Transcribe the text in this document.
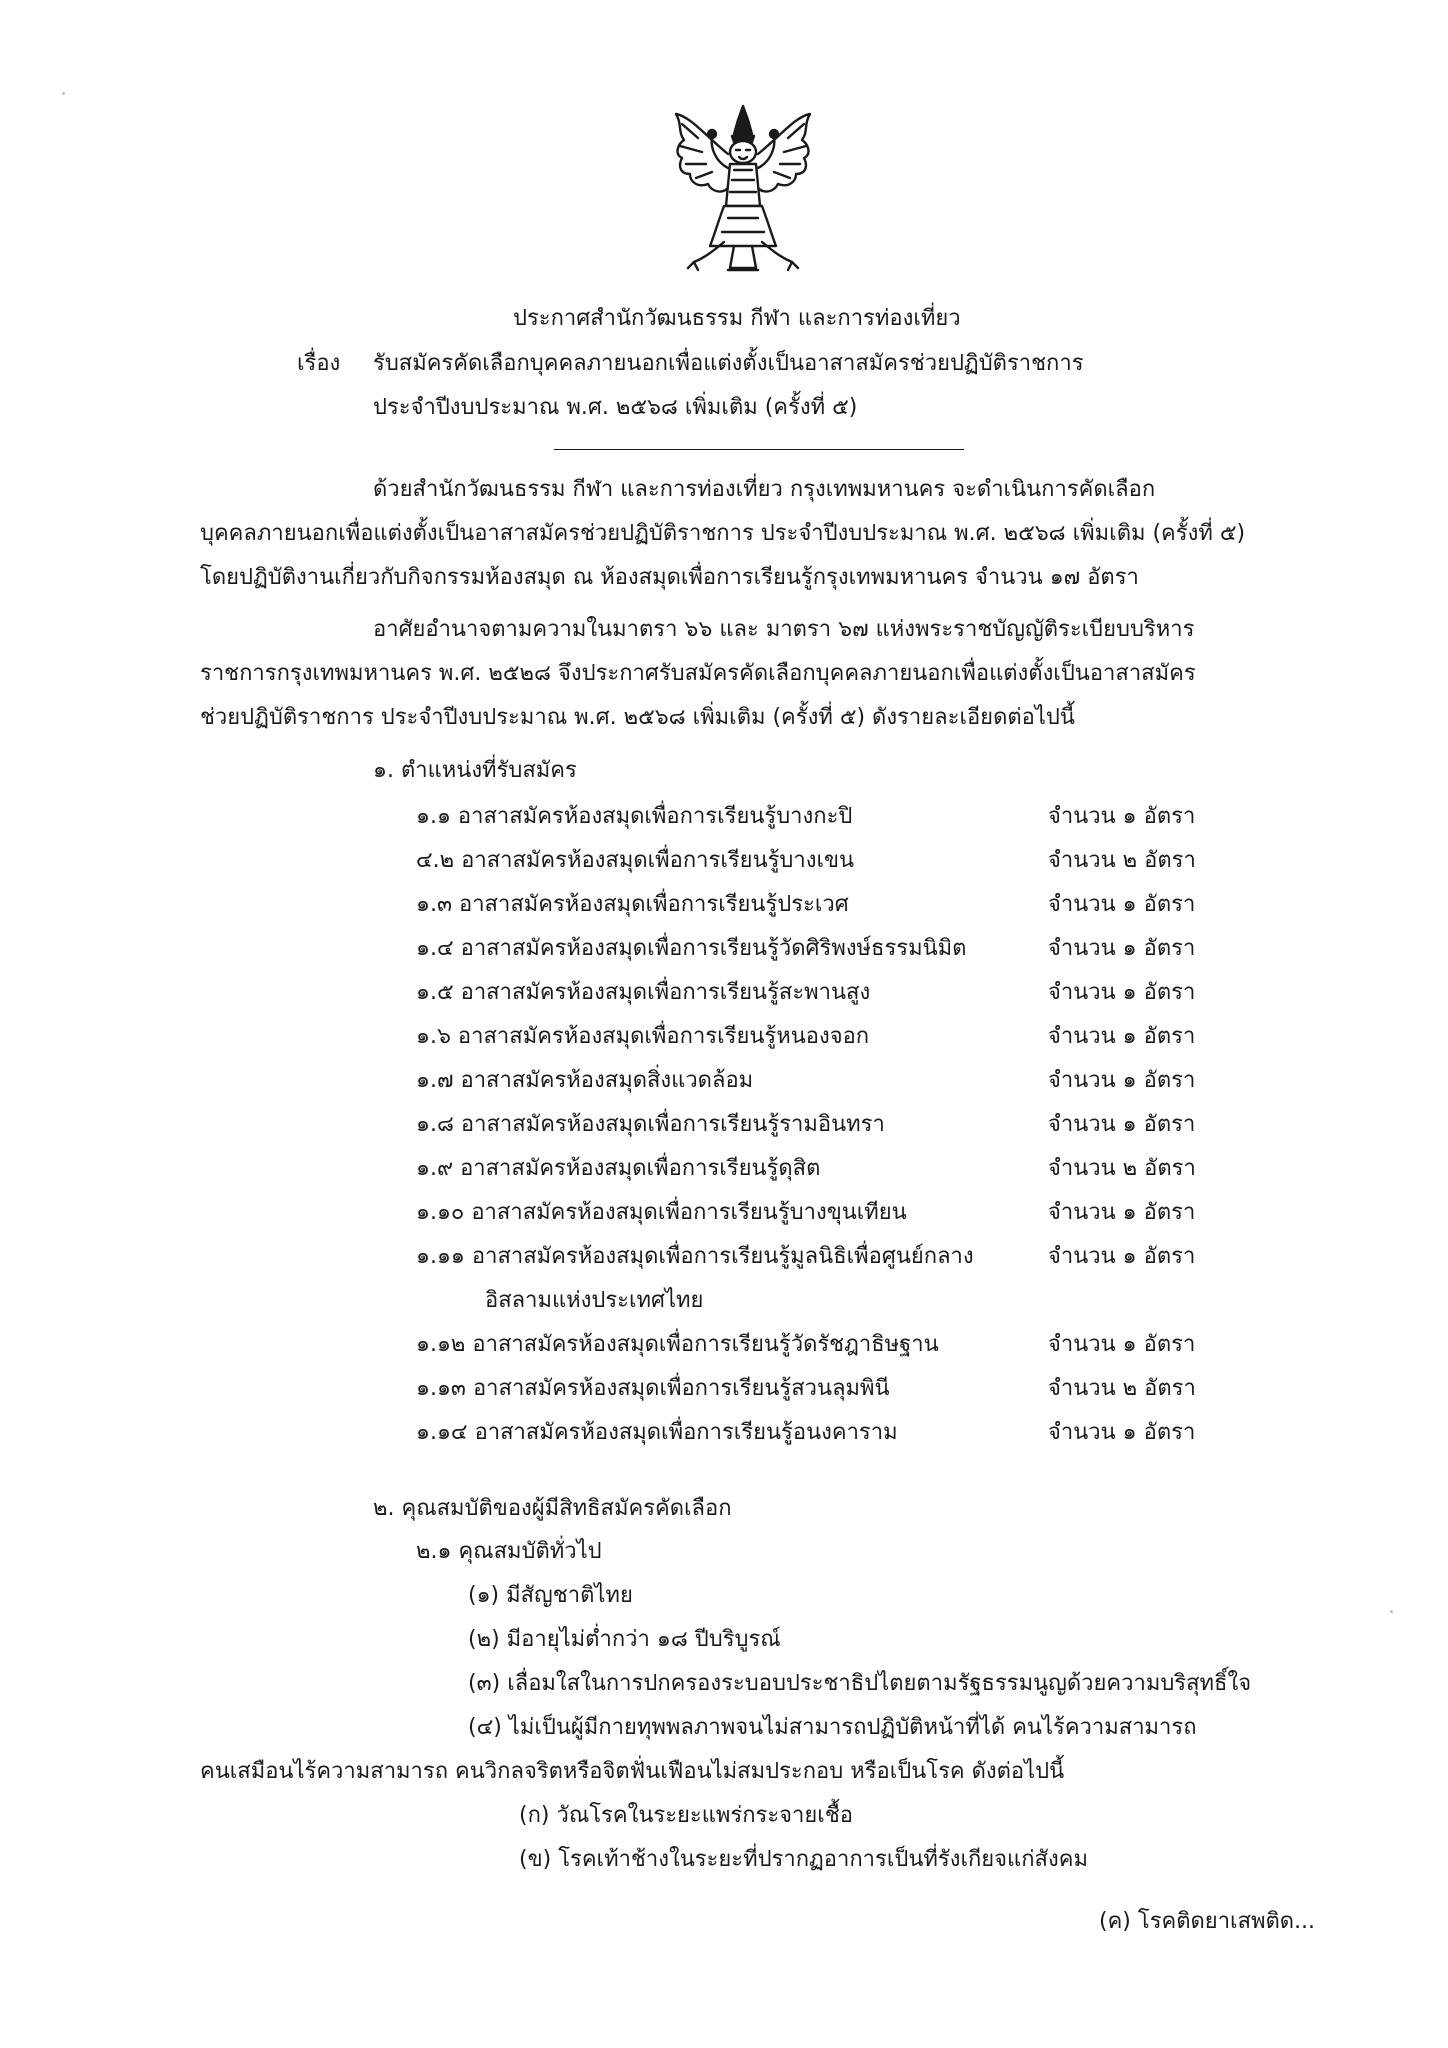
ประกาศสำนักวัฒนธรรม กีฬา และการท่องเที่ยว
เรื่อง รับสมัครคัดเลือกบุคคลภายนอกเพื่อแต่งตั้งเป็นอาสาสมัครช่วยปฏิบัติราชการ
ประจำปีงบประมาณ พ.ศ. ๒๕๖๘ เพิ่มเติม (ครั้งที่ ๕)
ด้วยสำนักวัฒนธรรม กีฬา และการท่องเที่ยว กรุงเทพมหานคร จะดำเนินการคัดเลือก
บุคคลภายนอกเพื่อแต่งตั้งเป็นอาสาสมัครช่วยปฏิบัติราชการ ประจำปีงบประมาณ พ.ศ. ๒๕๖๘ เพิ่มเติม (ครั้งที่ ๕)
โดยปฏิบัติงานเกี่ยวกับกิจกรรมห้องสมุด ณ ห้องสมุดเพื่อการเรียนรู้กรุงเทพมหานคร จำนวน ๑๗ อัตรา
อาศัยอำนาจตามความในมาตรา ๖๖ และ มาตรา ๖๗ แห่งพระราชบัญญัติระเบียบบริหาร
ราชการกรุงเทพมหานคร พ.ศ. ๒๕๒๘ จึงประกาศรับสมัครคัดเลือกบุคคลภายนอกเพื่อแต่งตั้งเป็นอาสาสมัคร
ช่วยปฏิบัติราชการ ประจำปีงบประมาณ พ.ศ. ๒๕๖๘ เพิ่มเติม (ครั้งที่ ๕) ดังรายละเอียดต่อไปนี้
๑. ตำแหน่งที่รับสมัคร
๑.๑ อาสาสมัครห้องสมุดเพื่อการเรียนรู้บางกะปิ	จำนวน ๑ อัตรา
๔.๒ อาสาสมัครห้องสมุดเพื่อการเรียนรู้บางเขน	จำนวน ๒ อัตรา
๑.๓ อาสาสมัครห้องสมุดเพื่อการเรียนรู้ประเวศ	จำนวน ๑ อัตรา
๑.๔ อาสาสมัครห้องสมุดเพื่อการเรียนรู้วัดศิริพงษ์ธรรมนิมิต	จำนวน ๑ อัตรา
๑.๕ อาสาสมัครห้องสมุดเพื่อการเรียนรู้สะพานสูง	จำนวน ๑ อัตรา
๑.๖ อาสาสมัครห้องสมุดเพื่อการเรียนรู้หนองจอก	จำนวน ๑ อัตรา
๑.๗ อาสาสมัครห้องสมุดสิ่งแวดล้อม	จำนวน ๑ อัตรา
๑.๘ อาสาสมัครห้องสมุดเพื่อการเรียนรู้รามอินทรา	จำนวน ๑ อัตรา
๑.๙ อาสาสมัครห้องสมุดเพื่อการเรียนรู้ดุสิต	จำนวน ๒ อัตรา
๑.๑๐ อาสาสมัครห้องสมุดเพื่อการเรียนรู้บางขุนเทียน	จำนวน ๑ อัตรา
๑.๑๑ อาสาสมัครห้องสมุดเพื่อการเรียนรู้มูลนิธิเพื่อศูนย์กลาง	จำนวน ๑ อัตรา
อิสลามแห่งประเทศไทย
๑.๑๒ อาสาสมัครห้องสมุดเพื่อการเรียนรู้วัดรัชฎาธิษฐาน	จำนวน ๑ อัตรา
๑.๑๓ อาสาสมัครห้องสมุดเพื่อการเรียนรู้สวนลุมพินี	จำนวน ๒ อัตรา
๑.๑๔ อาสาสมัครห้องสมุดเพื่อการเรียนรู้อนงคาราม	จำนวน ๑ อัตรา
๒. คุณสมบัติของผู้มีสิทธิสมัครคัดเลือก
๒.๑ คุณสมบัติทั่วไป
(๑) มีสัญชาติไทย
(๒) มีอายุไม่ต่ำกว่า ๑๘ ปีบริบูรณ์
(๓) เลื่อมใสในการปกครองระบอบประชาธิปไตยตามรัฐธรรมนูญด้วยความบริสุทธิ์ใจ
(๔) ไม่เป็นผู้มีกายทุพพลภาพจนไม่สามารถปฏิบัติหน้าที่ได้ คนไร้ความสามารถ
คนเสมือนไร้ความสามารถ คนวิกลจริตหรือจิตฟั่นเฟือนไม่สมประกอบ หรือเป็นโรค ดังต่อไปนี้
(ก) วัณโรคในระยะแพร่กระจายเชื้อ
(ข) โรคเท้าช้างในระยะที่ปรากฏอาการเป็นที่รังเกียจแก่สังคม
(ค) โรคติดยาเสพติด...
